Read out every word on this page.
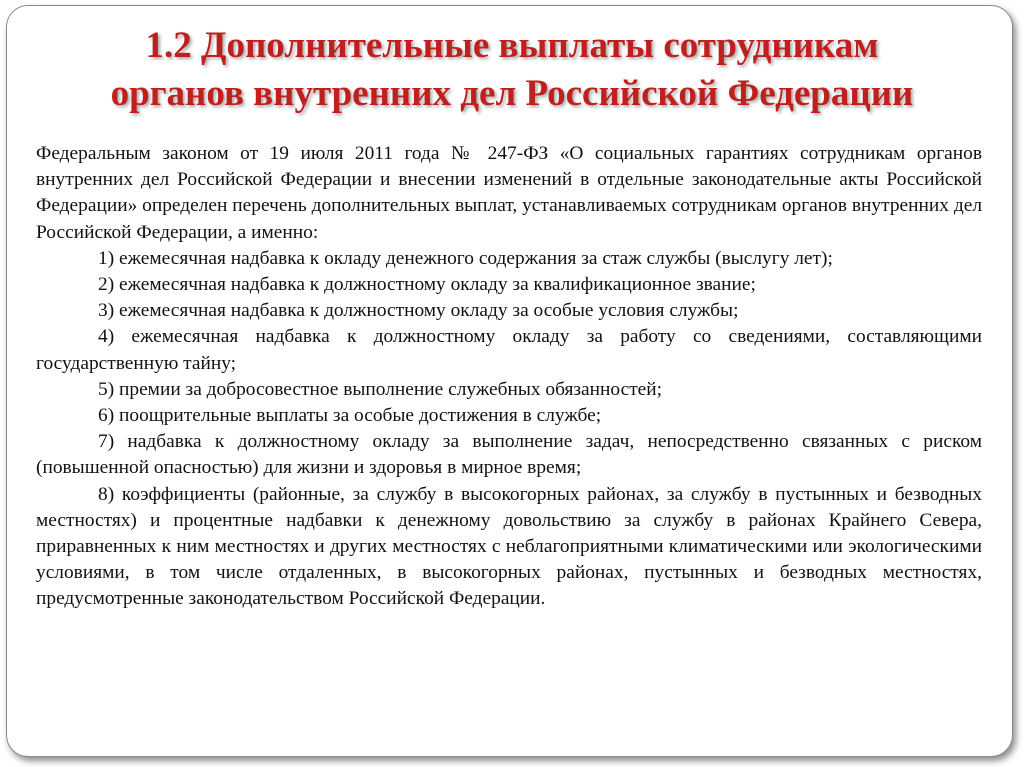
1.2 Дополнительные выплаты сотрудникам
органов внутренних дел Российской Федерации

Федеральным законом от 19 июля 2011 года № 247-ФЗ «О социальных гарантиях сотрудникам органов внутренних дел Российской Федерации и внесении изменений в отдельные законодательные акты Российской Федерации» определен перечень дополнительных выплат, устанавливаемых сотрудникам органов внутренних дел Российской Федерации, а именно:

1) ежемесячная надбавка к окладу денежного содержания за стаж службы (выслугу лет);

2) ежемесячная надбавка к должностному окладу за квалификационное звание;

3) ежемесячная надбавка к должностному окладу за особые условия службы;

4) ежемесячная надбавка к должностному окладу за работу со сведениями, составляющими государственную тайну;

5) премии за добросовестное выполнение служебных обязанностей;

6) поощрительные выплаты за особые достижения в службе;

7) надбавка к должностному окладу за выполнение задач, непосредственно связанных с риском (повышенной опасностью) для жизни и здоровья в мирное время;

8) коэффициенты (районные, за службу в высокогорных районах, за службу в пустынных и безводных местностях) и процентные надбавки к денежному довольствию за службу в районах Крайнего Севера, приравненных к ним местностях и других местностях с неблагоприятными климатическими или экологическими условиями, в том числе отдаленных, в высокогорных районах, пустынных и безводных местностях, предусмотренные законодательством Российской Федерации.
